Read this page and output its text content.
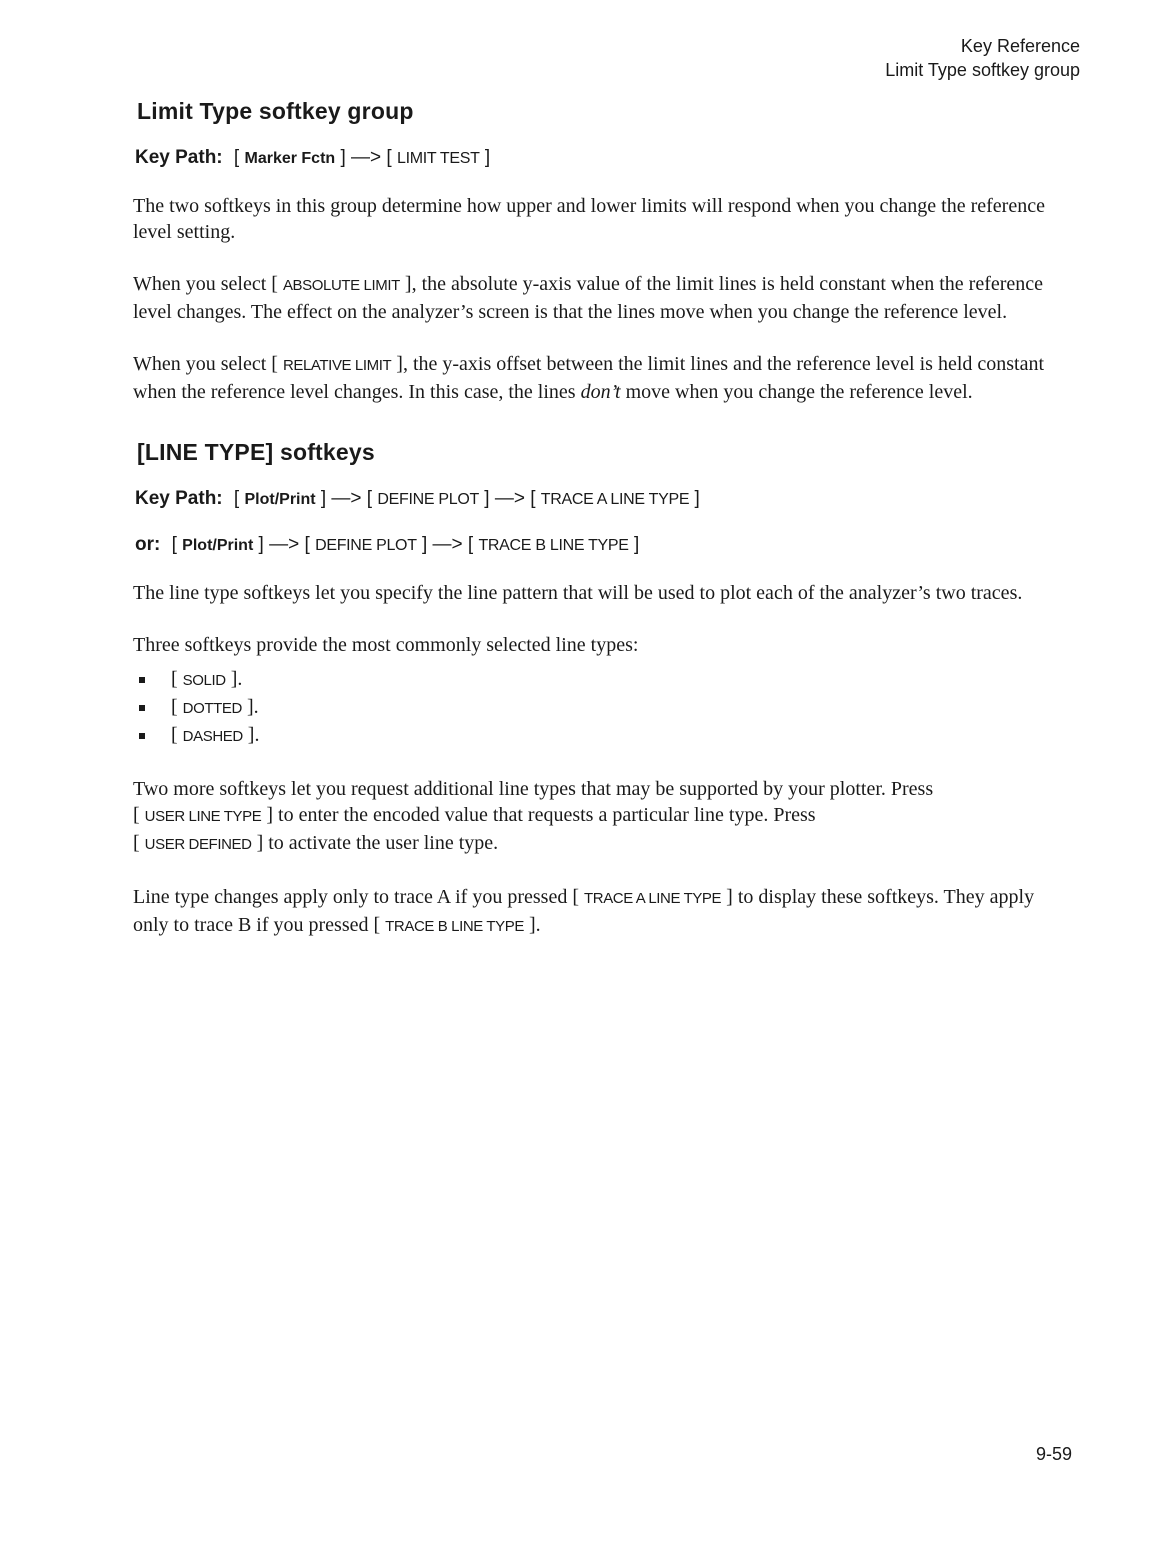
Key Reference
Limit Type softkey group
Limit Type softkey group
Key Path: [ Marker Fctn ] —> [ LIMIT TEST ]

The two softkeys in this group determine how upper and lower limits will respond when you change the reference level setting.

When you select [ ABSOLUTE LIMIT ], the absolute y-axis value of the limit lines is held constant when the reference level changes. The effect on the analyzer’s screen is that the lines move when you change the reference level.

When you select [ RELATIVE LIMIT ], the y-axis offset between the limit lines and the reference level is held constant when the reference level changes. In this case, the lines don’t move when you change the reference level.

[LINE TYPE] softkeys
Key Path: [ Plot/Print ] —> [ DEFINE PLOT ] —> [ TRACE A LINE TYPE ]
or: [ Plot/Print ] —> [ DEFINE PLOT ] —> [ TRACE B LINE TYPE ]

The line type softkeys let you specify the line pattern that will be used to plot each of the analyzer’s two traces.

Three softkeys provide the most commonly selected line types:

[ SOLID ].
[ DOTTED ].
[ DASHED ].

Two more softkeys let you request additional line types that may be supported by your plotter. Press
[ USER LINE TYPE ] to enter the encoded value that requests a particular line type. Press
[ USER DEFINED ] to activate the user line type.

Line type changes apply only to trace A if you pressed [ TRACE A LINE TYPE ] to display these softkeys. They apply only to trace B if you pressed [ TRACE B LINE TYPE ].

9-59
